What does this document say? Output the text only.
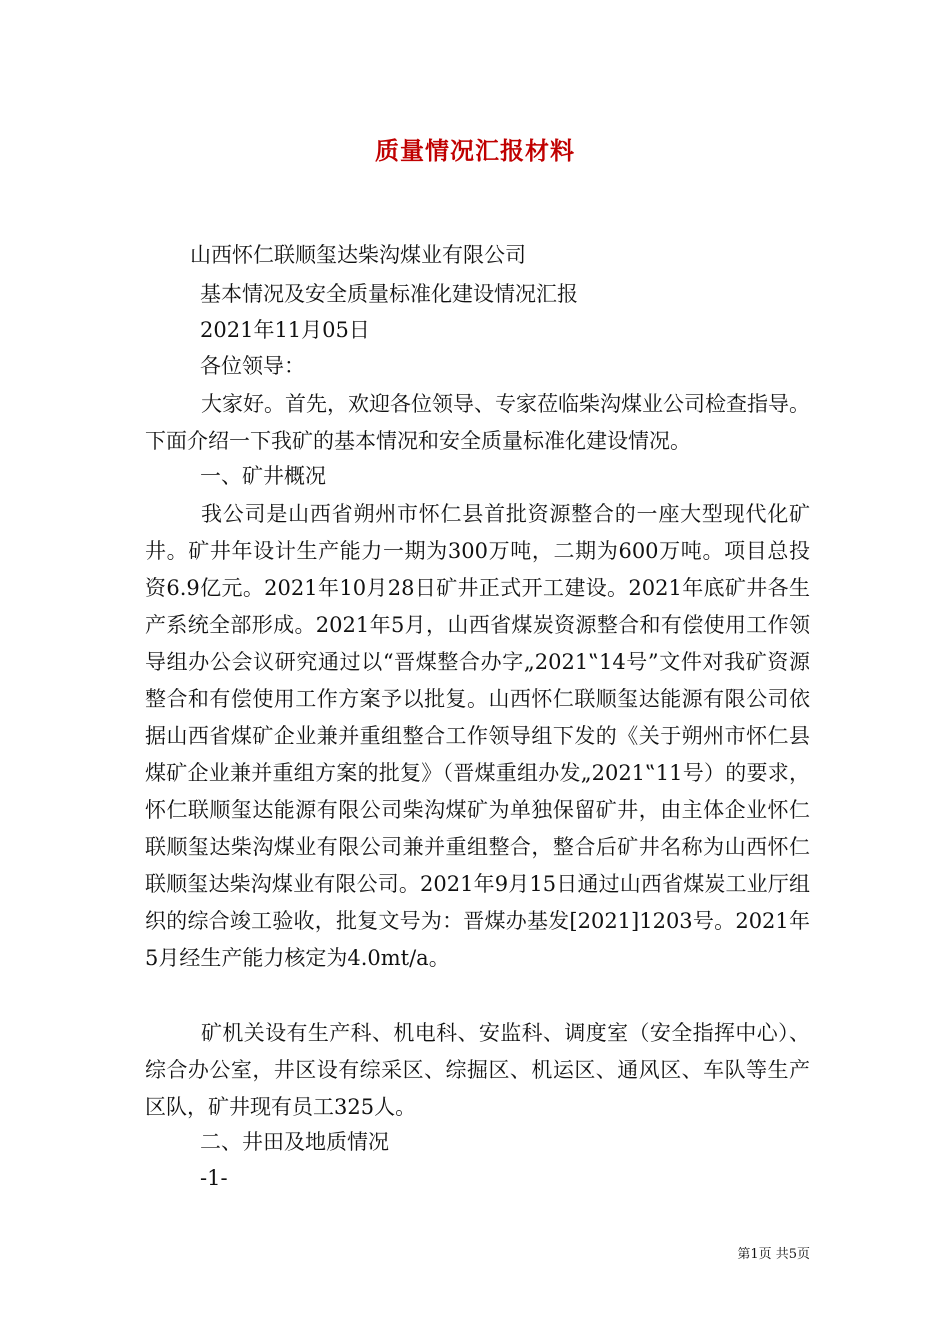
质量情况汇报材料
山西怀仁联顺玺达柴沟煤业有限公司
基本情况及安全质量标准化建设情况汇报
2021年11月05日
各位领导：

大家好。首先，欢迎各位领导、专家莅临柴沟煤业公司检查指导。下面介绍一下我矿的基本情况和安全质量标准化建设情况。

一、矿井概况

我公司是山西省朔州市怀仁县首批资源整合的一座大型现代化矿井。矿井年设计生产能力一期为300万吨，二期为600万吨。项目总投资6.9亿元。2021年10月28日矿井正式开工建设。2021年底矿井各生产系统全部形成。2021年5月，山西省煤炭资源整合和有偿使用工作领导组办公会议研究通过以“晋煤整合办字„2021‟14号”文件对我矿资源整合和有偿使用工作方案予以批复。山西怀仁联顺玺达能源有限公司依据山西省煤矿企业兼并重组整合工作领导组下发的《关于朔州市怀仁县煤矿企业兼并重组方案的批复》（晋煤重组办发„2021‟11号）的要求，怀仁联顺玺达能源有限公司柴沟煤矿为单独保留矿井，由主体企业怀仁联顺玺达柴沟煤业有限公司兼并重组整合，整合后矿井名称为山西怀仁联顺玺达柴沟煤业有限公司。2021年9月15日通过山西省煤炭工业厅组织的综合竣工验收，批复文号为：晋煤办基发[2021]1203号。2021年5月经生产能力核定为4.0mt/a。

矿机关设有生产科、机电科、安监科、调度室（安全指挥中心）、综合办公室，井区设有综采区、综掘区、机运区、通风区、车队等生产区队，矿井现有员工325人。

二、井田及地质情况
-1-
第1页 共5页
